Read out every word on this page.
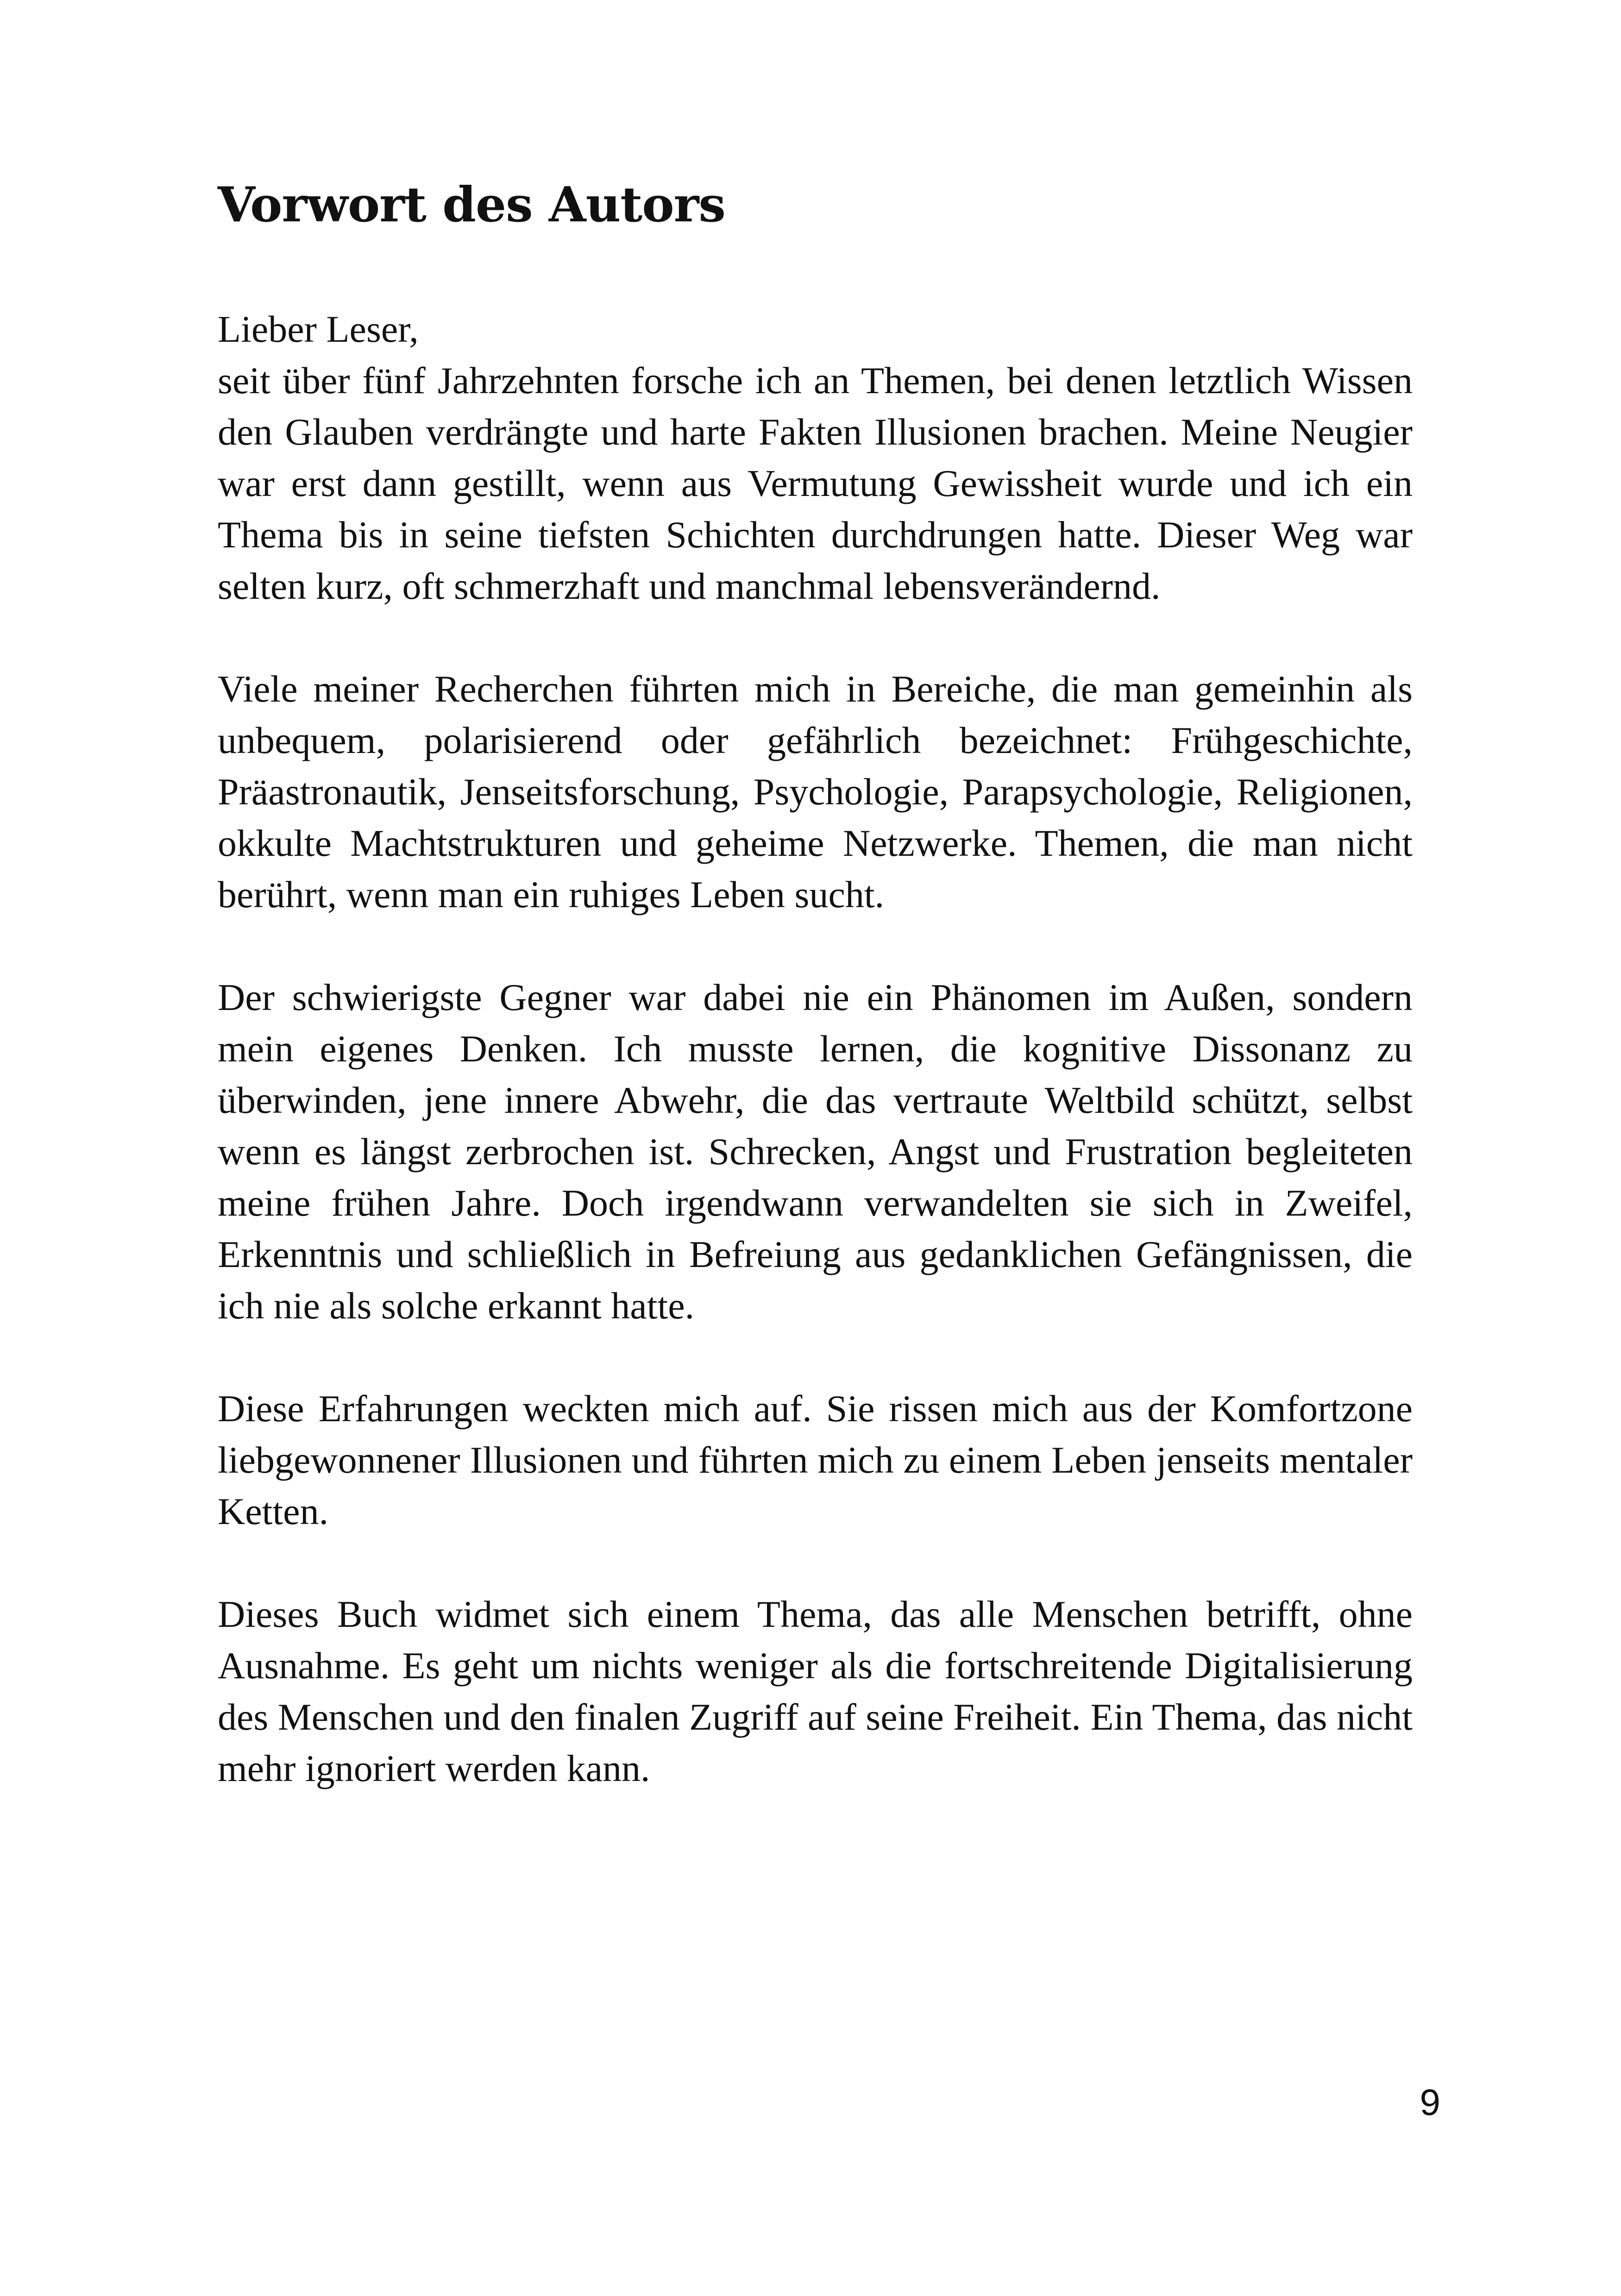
Vorwort des Autors

Lieber Leser,

seit über fünf Jahrzehnten forsche ich an Themen, bei denen letztlich Wissen den Glauben verdrängte und harte Fakten Illusionen brachen. Meine Neugier war erst dann gestillt, wenn aus Vermutung Gewissheit wurde und ich ein Thema bis in seine tiefsten Schichten durchdrungen hatte. Dieser Weg war selten kurz, oft schmerzhaft und manchmal lebensverändernd.

Viele meiner Recherchen führten mich in Bereiche, die man gemeinhin als unbequem, polarisierend oder gefährlich bezeichnet: Frühgeschichte, Präastronautik, Jenseitsforschung, Psychologie, Parapsychologie, Religionen, okkulte Machtstrukturen und geheime Netzwerke. Themen, die man nicht berührt, wenn man ein ruhiges Leben sucht.

Der schwierigste Gegner war dabei nie ein Phänomen im Außen, sondern mein eigenes Denken. Ich musste lernen, die kognitive Dissonanz zu überwinden, jene innere Abwehr, die das vertraute Weltbild schützt, selbst wenn es längst zerbrochen ist. Schrecken, Angst und Frustration begleiteten meine frühen Jahre. Doch irgendwann verwandelten sie sich in Zweifel, Erkenntnis und schließlich in Befreiung aus gedanklichen Gefängnissen, die ich nie als solche erkannt hatte.

Diese Erfahrungen weckten mich auf. Sie rissen mich aus der Komfortzone liebgewonnener Illusionen und führten mich zu einem Leben jenseits mentaler Ketten.

Dieses Buch widmet sich einem Thema, das alle Menschen betrifft, ohne Ausnahme. Es geht um nichts weniger als die fortschreitende Digitalisierung des Menschen und den finalen Zugriff auf seine Freiheit. Ein Thema, das nicht mehr ignoriert werden kann.

9
